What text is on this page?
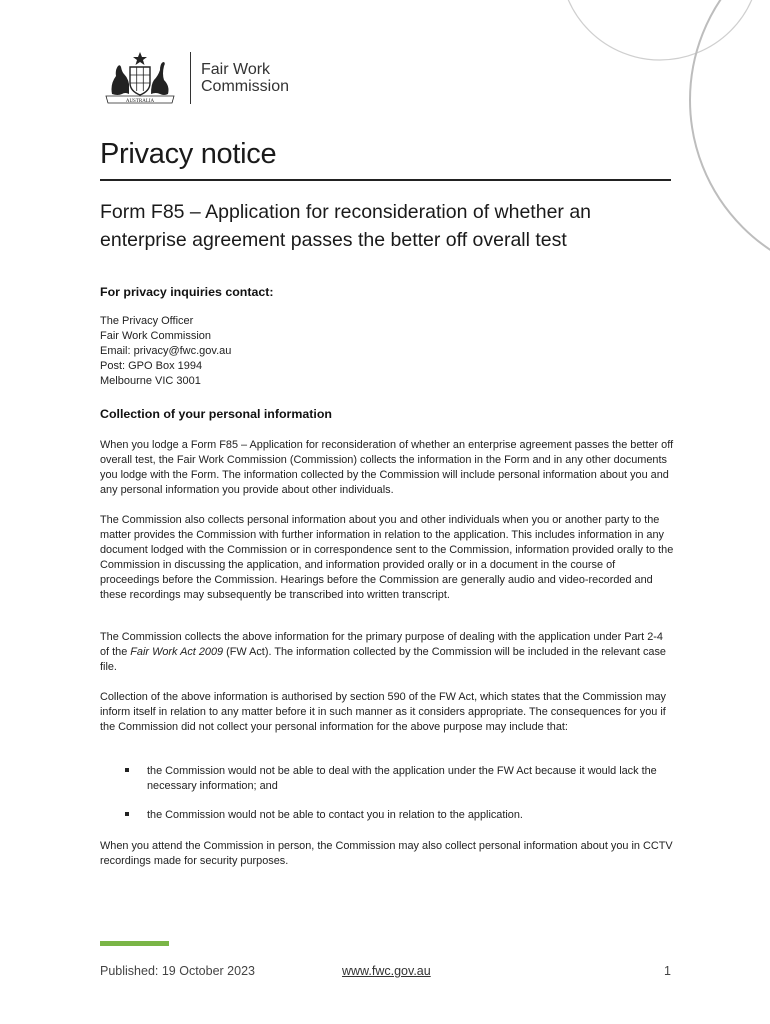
AUSTRALIA
Fair Work
Commission
Privacy notice
Form F85 – Application for reconsideration of whether an enterprise agreement passes the better off overall test
For privacy inquiries contact:
The Privacy Officer
Fair Work Commission
Email: privacy@fwc.gov.au
Post: GPO Box 1994
Melbourne VIC 3001
Collection of your personal information

When you lodge a Form F85 – Application for reconsideration of whether an enterprise agreement passes the better off overall test, the Fair Work Commission (Commission) collects the information in the Form and in any other documents you lodge with the Form. The information collected by the Commission will include personal information about you and any personal information you provide about other individuals.

The Commission also collects personal information about you and other individuals when you or another party to the matter provides the Commission with further information in relation to the application. This includes information in any document lodged with the Commission or in correspondence sent to the Commission, information provided orally to the Commission in discussing the application, and information provided orally or in a document in the course of proceedings before the Commission. Hearings before the Commission are generally audio and video-recorded and these recordings may subsequently be transcribed into written transcript.

The Commission collects the above information for the primary purpose of dealing with the application under Part 2-4 of the Fair Work Act 2009 (FW Act). The information collected by the Commission will be included in the relevant case file.

Collection of the above information is authorised by section 590 of the FW Act, which states that the Commission may inform itself in relation to any matter before it in such manner as it considers appropriate. The consequences for you if the Commission did not collect your personal information for the above purpose may include that:

the Commission would not be able to deal with the application under the FW Act because it would lack the necessary information; and
the Commission would not be able to contact you in relation to the application.

When you attend the Commission in person, the Commission may also collect personal information about you in CCTV recordings made for security purposes.

Published: 19 October 2023	www.fwc.gov.au	1
